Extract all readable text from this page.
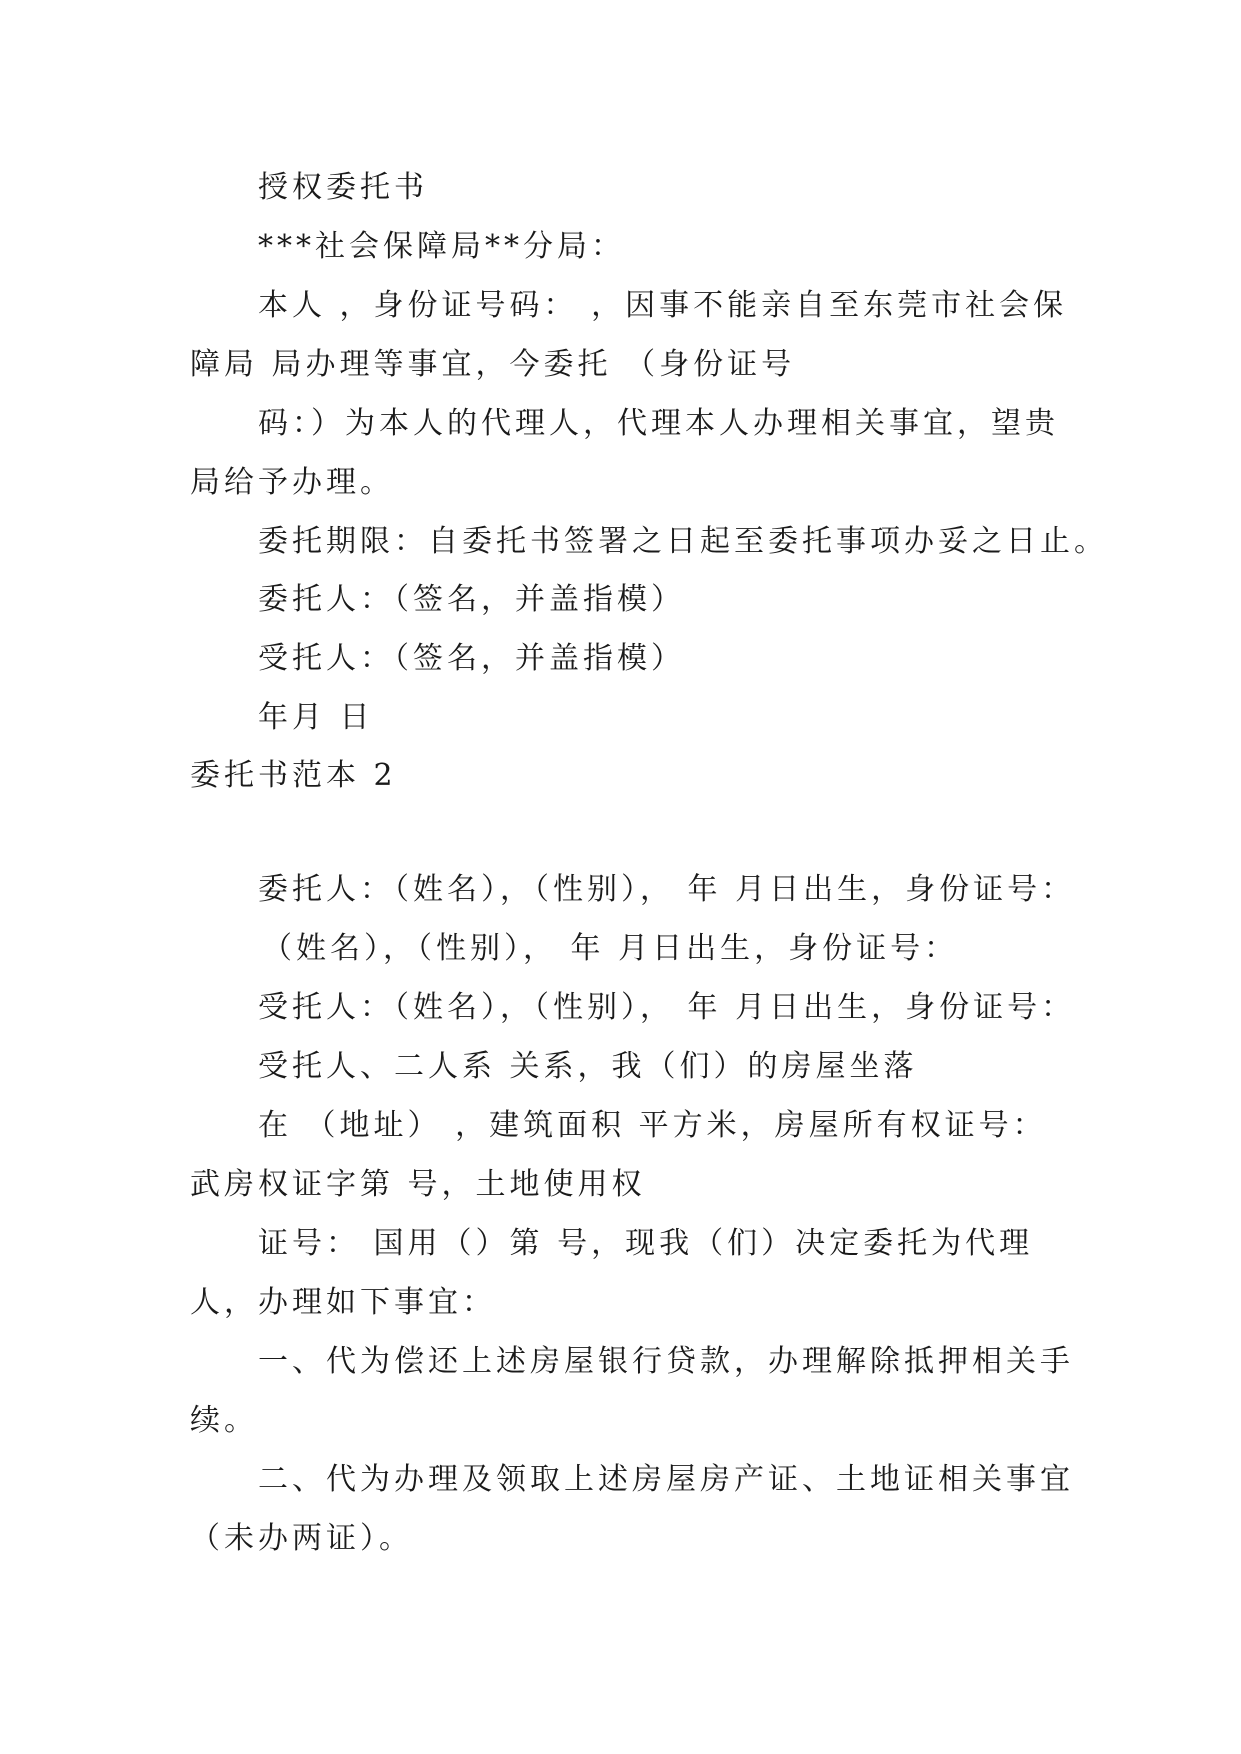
授权委托书
***社会保障局**分局：
本人 ，身份证号码： ，因事不能亲自至东莞市社会保
障局 局办理等事宜，今委托 （身份证号
码：）为本人的代理人，代理本人办理相关事宜，望贵
局给予办理。
委托期限：自委托书签署之日起至委托事项办妥之日止。
委托人：（签名，并盖指模）
受托人：（签名，并盖指模）
年月 日
委托书范本 2
委托人：（姓名），（性别）， 年 月日出生，身份证号：
（姓名），（性别）， 年 月日出生，身份证号：
受托人：（姓名），（性别）， 年 月日出生，身份证号：
受托人、二人系 关系，我（们）的房屋坐落
在 （地址） ，建筑面积 平方米，房屋所有权证号：
武房权证字第 号，土地使用权
证号： 国用（）第 号，现我（们）决定委托为代理
人，办理如下事宜：
一、代为偿还上述房屋银行贷款，办理解除抵押相关手
续。
二、代为办理及领取上述房屋房产证、土地证相关事宜
（未办两证）。
